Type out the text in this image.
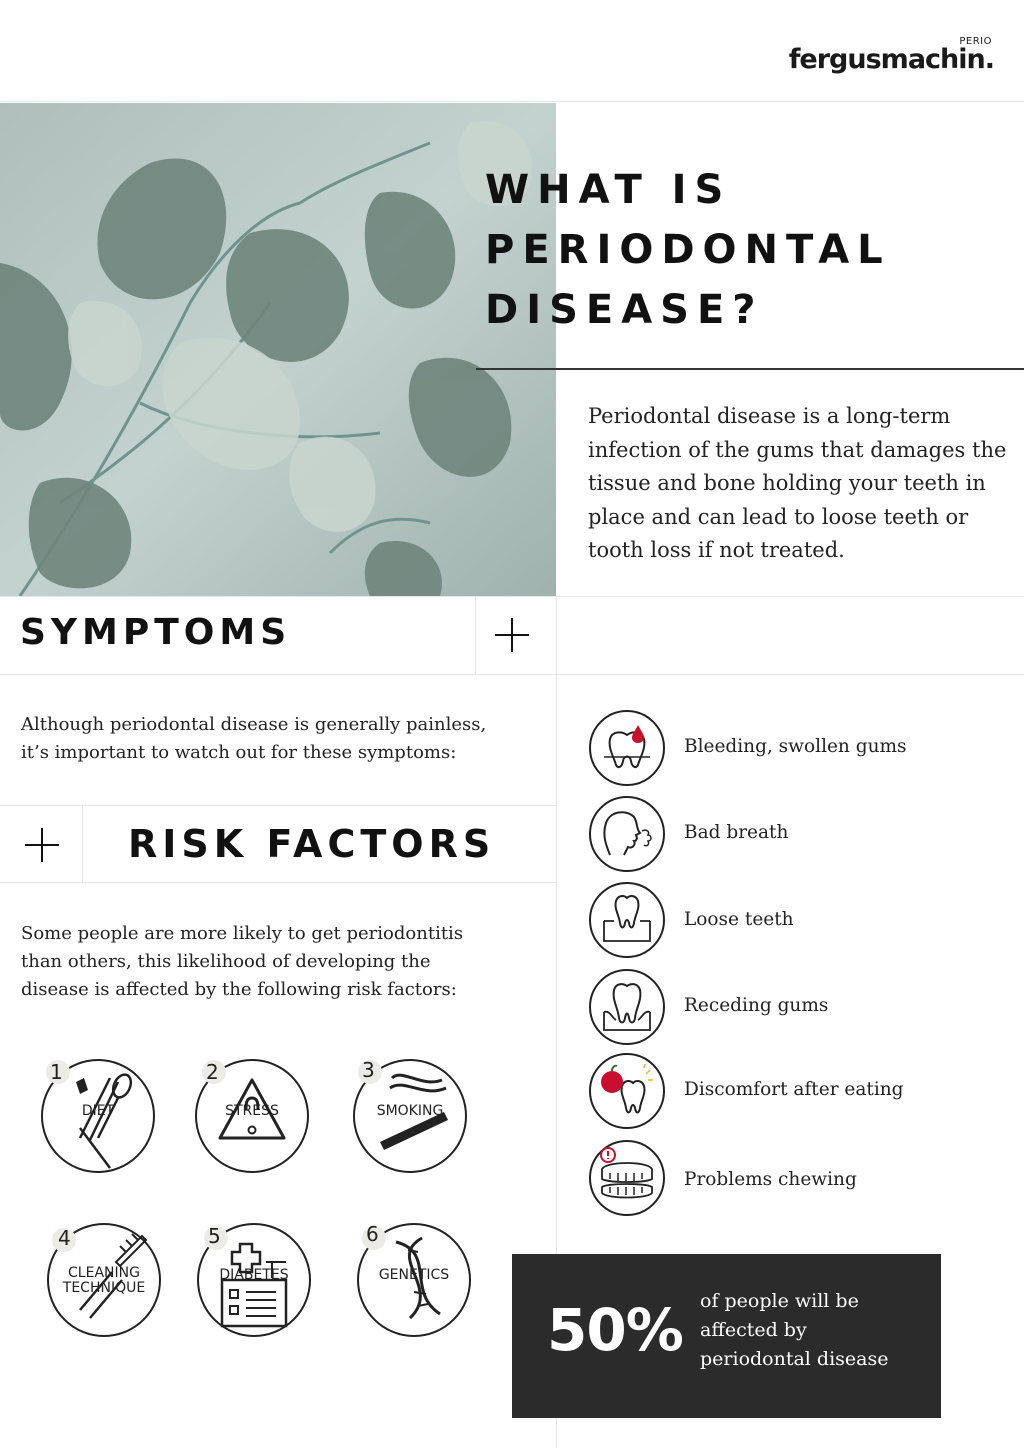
PERIO
fergusmachin.
WHAT IS
PERIODONTAL
DISEASE?
Periodontal disease is a long-term infection of the gums that damages the tissue and bone holding your teeth in place and can lead to loose teeth or tooth loss if not treated.
SYMPTOMS
Although periodontal disease is generally painless,
it’s important to watch out for these symptoms:
RISK FACTORS
Some people are more likely to get periodontitis
than others, this likelihood of developing the
disease is affected by the following risk factors:
Bleeding, swollen gums
Bad breath
Loose teeth
Receding gums
Discomfort after eating
Problems chewing
1
DIET
2
STRESS
3
SMOKING
4
CLEANING
TECHNIQUE
5
DIABETES
6
GENETICS
50% of people will be
affected by
periodontal disease
